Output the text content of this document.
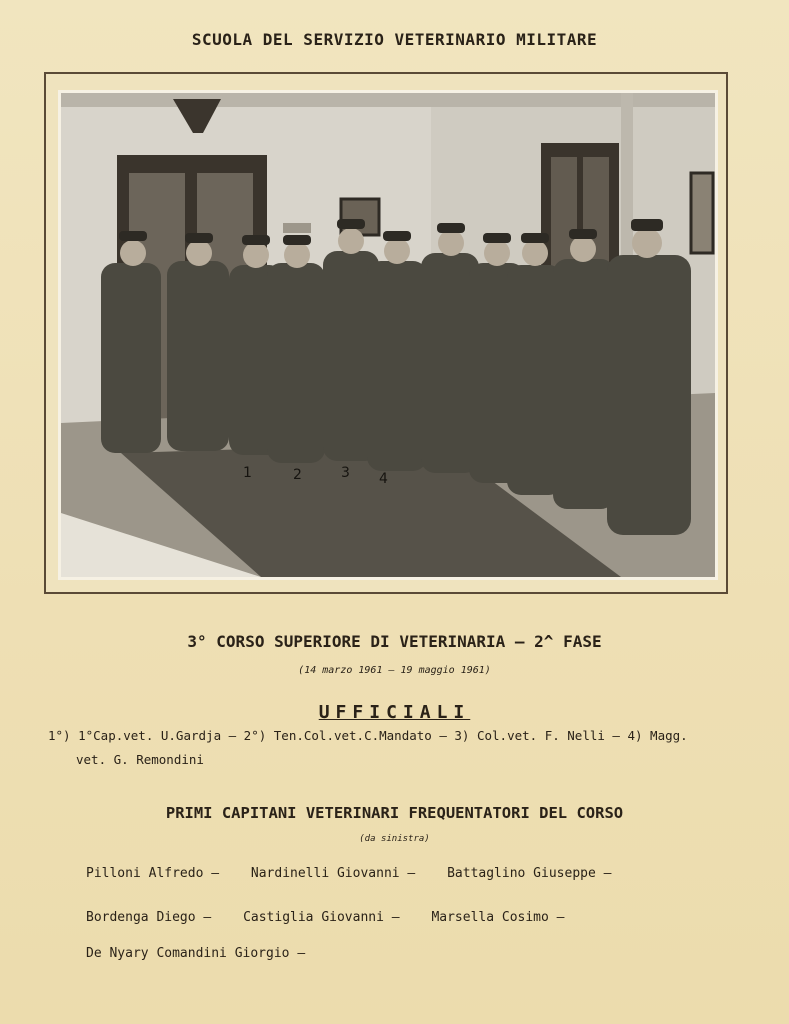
SCUOLA DEL SERVIZIO VETERINARIO MILITARE
1	2	3 4
3° CORSO SUPERIORE DI VETERINARIA – 2^ FASE
(14 marzo 1961 – 19 maggio 1961)
UFFICIALI
1°) 1°Cap.vet. U.Gardja – 2°) Ten.Col.vet.C.Mandato – 3) Col.vet. F. Nelli – 4) Magg.
vet. G. Remondini
PRIMI CAPITANI VETERINARI FREQUENTATORI DEL CORSO
(da sinistra)
Pilloni Alfredo – Nardinelli Giovanni – Battaglino Giuseppe –
Bordenga Diego – Castiglia Giovanni – Marsella Cosimo –
De Nyary Comandini Giorgio –
